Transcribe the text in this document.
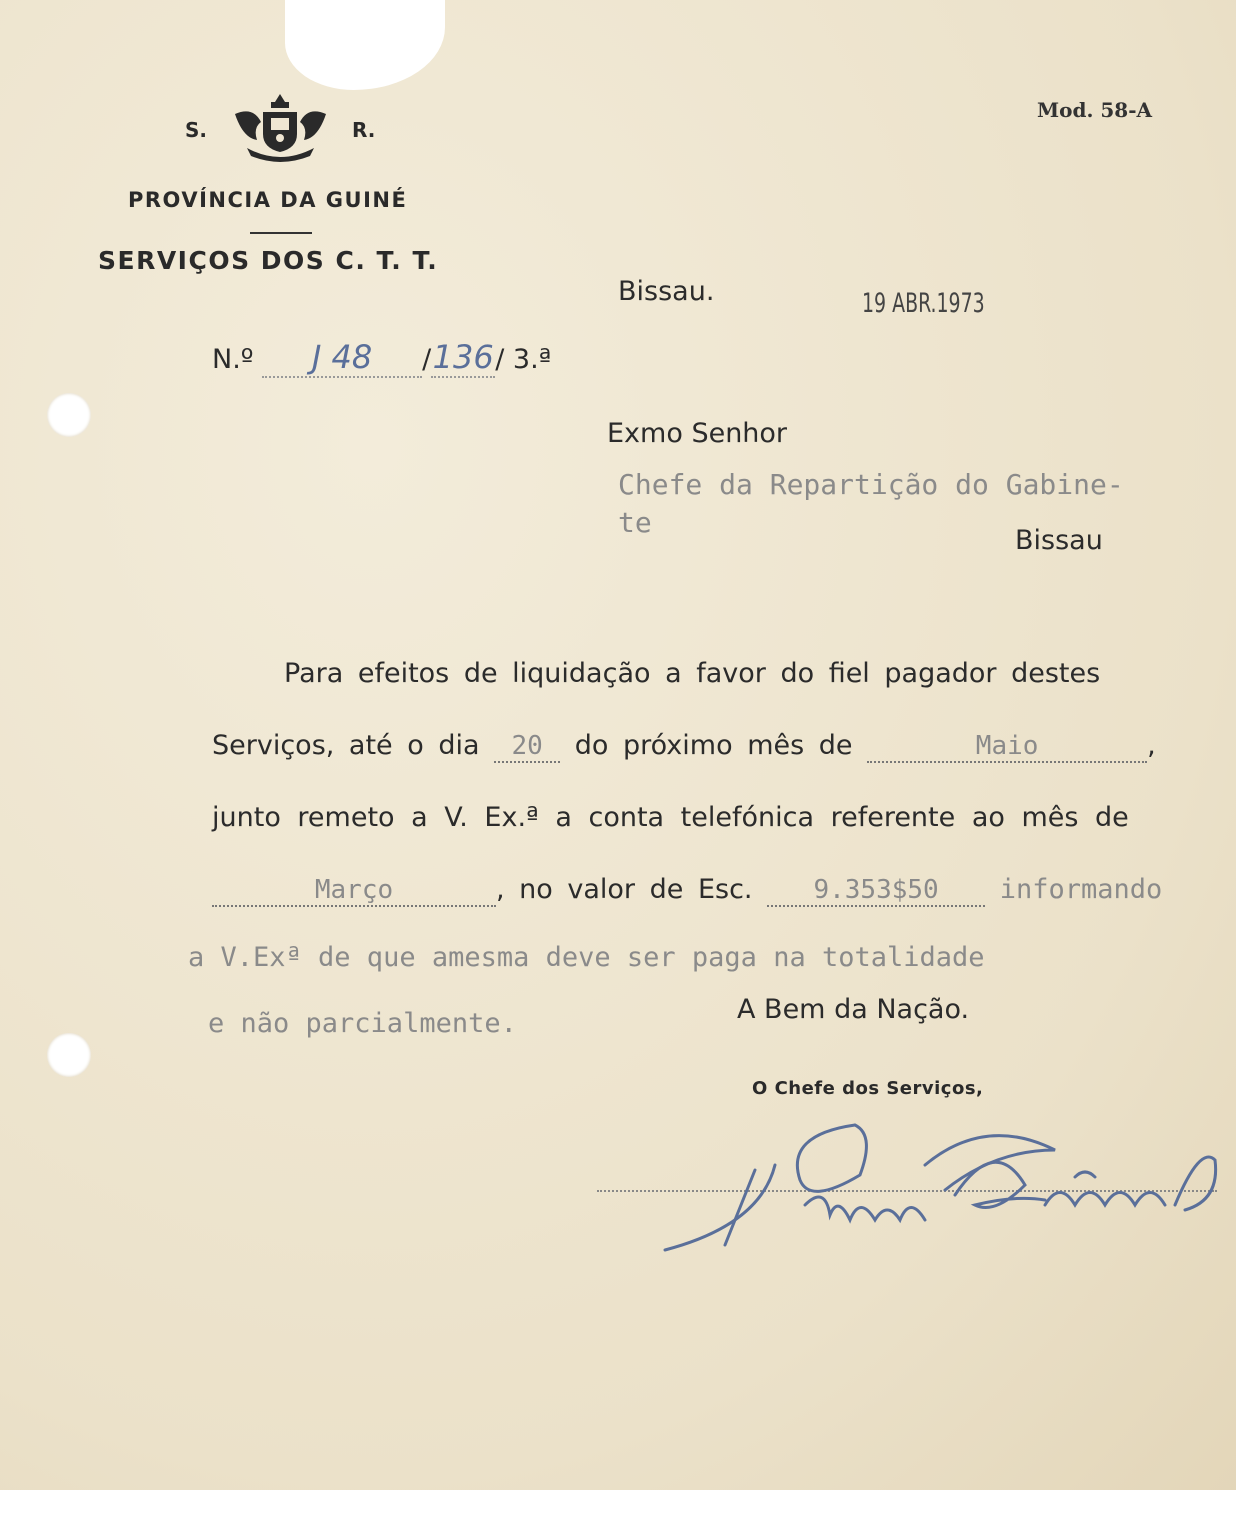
S.	R.
Mod. 58-A
PROVÍNCIA DA GUINÉ
SERVIÇOS DOS C. T. T.
Bissau.	19 ABR.1973
N.º J 48 /136/ 3.ª
Exmo Senhor
Chefe da Repartição do Gabine-
te
Bissau
Para efeitos de liquidação a favor do fiel pagador destes
Serviços, até o dia 20 do próximo mês de	Maio	,
junto remeto a V. Ex.ª a conta telefónica referente ao mês de
Março	, no valor de Esc. 9.353$50 informando
a V.Exª de que amesma deve ser paga na totalidade
e não parcialmente.	A Bem da Nação.
O Chefe dos Serviços,
